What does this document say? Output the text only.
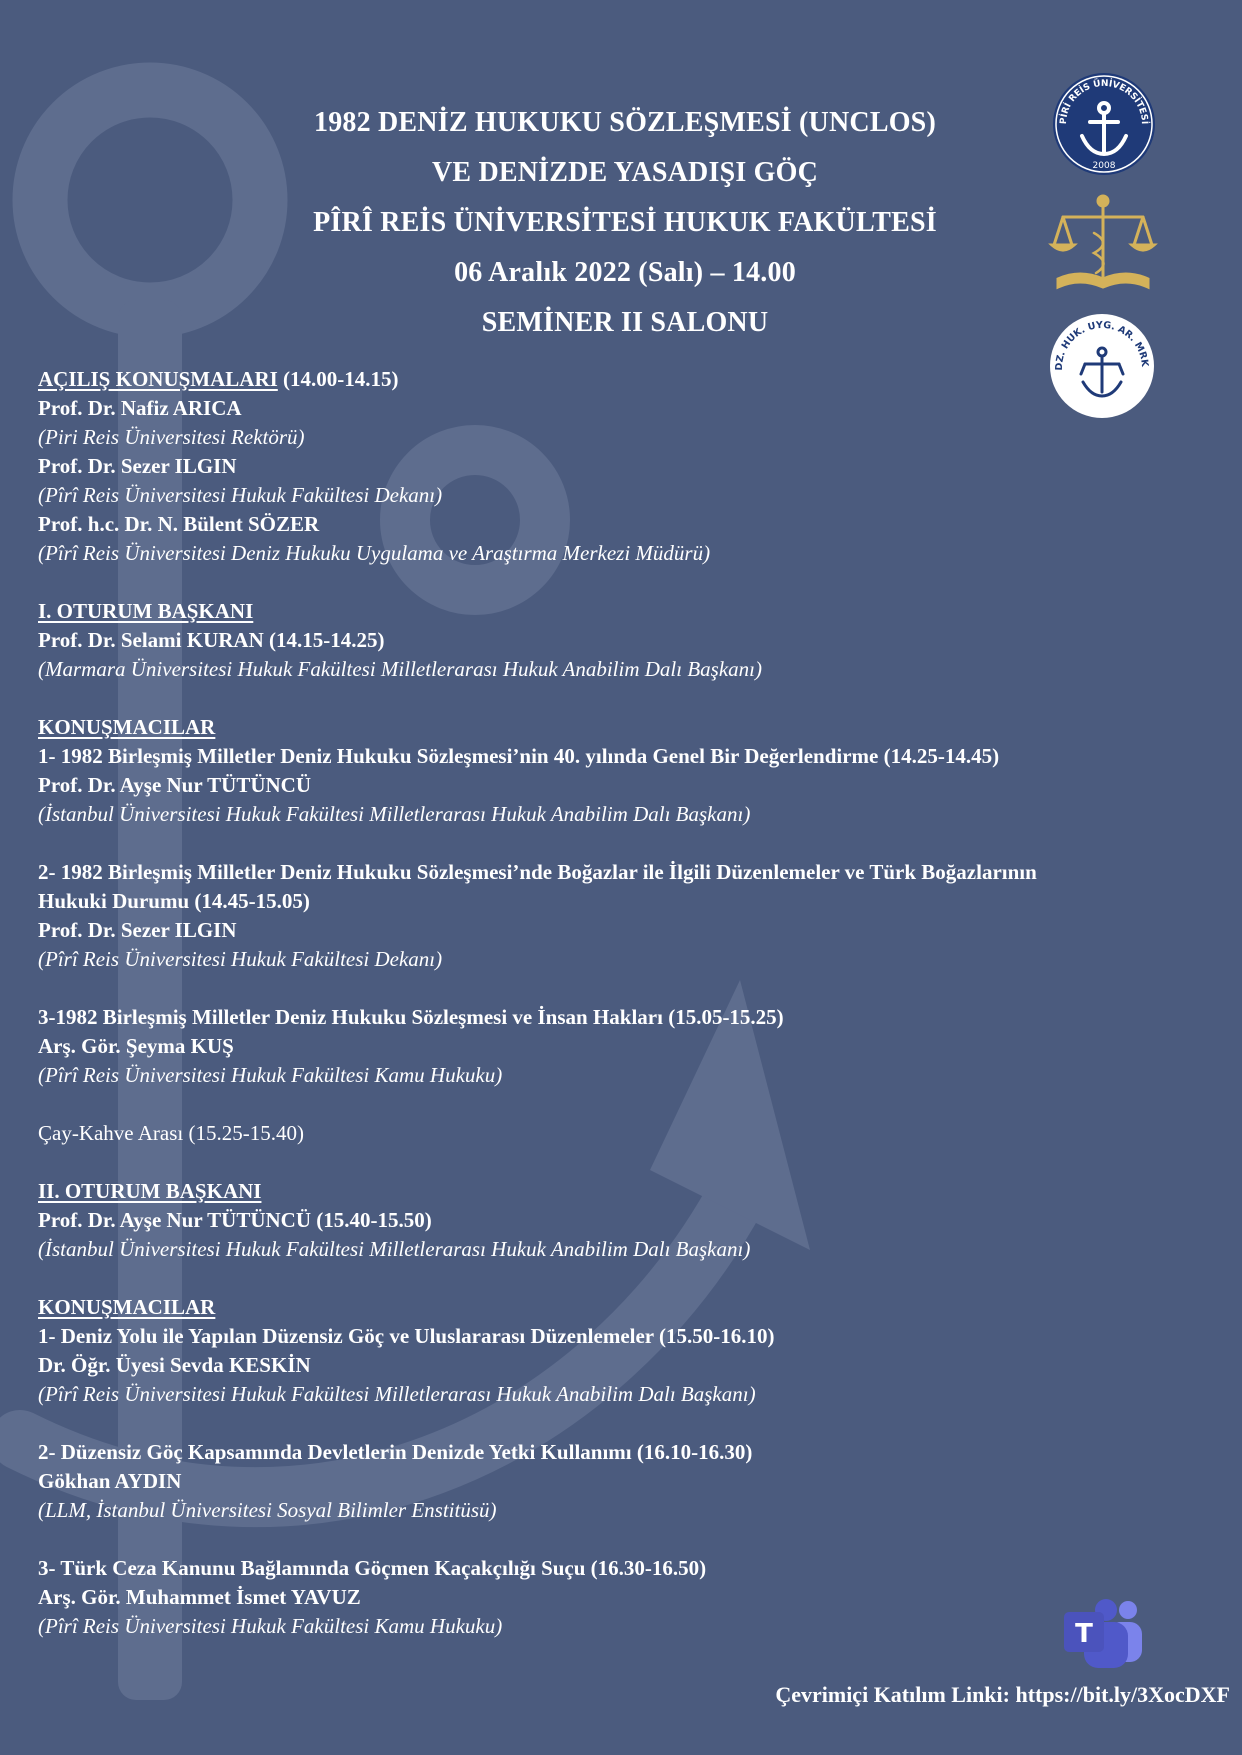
1982 DENİZ HUKUKU SÖZLEŞMESİ (UNCLOS)
VE DENİZDE YASADIŞI GÖÇ
PÎRÎ REİS ÜNİVERSİTESİ HUKUK FAKÜLTESİ
06 Aralık 2022 (Salı) – 14.00
SEMİNER II SALONU
PİRİ REİS ÜNİVERSİTESİ
2008
DZ. HUK. UYG. AR. MRK
AÇILIŞ KONUŞMALARI (14.00-14.15)
Prof. Dr. Nafiz ARICA
(Piri Reis Üniversitesi Rektörü)
Prof. Dr. Sezer ILGIN
(Pîrî Reis Üniversitesi Hukuk Fakültesi Dekanı)
Prof. h.c. Dr. N. Bülent SÖZER
(Pîrî Reis Üniversitesi Deniz Hukuku Uygulama ve Araştırma Merkezi Müdürü)
I. OTURUM BAŞKANI
Prof. Dr. Selami KURAN (14.15-14.25)
(Marmara Üniversitesi Hukuk Fakültesi Milletlerarası Hukuk Anabilim Dalı Başkanı)
KONUŞMACILAR
1- 1982 Birleşmiş Milletler Deniz Hukuku Sözleşmesi’nin 40. yılında Genel Bir Değerlendirme (14.25-14.45)
Prof. Dr. Ayşe Nur TÜTÜNCÜ
(İstanbul Üniversitesi Hukuk Fakültesi Milletlerarası Hukuk Anabilim Dalı Başkanı)
2- 1982 Birleşmiş Milletler Deniz Hukuku Sözleşmesi’nde Boğazlar ile İlgili Düzenlemeler ve Türk Boğazlarının
Hukuki Durumu (14.45-15.05)
Prof. Dr. Sezer ILGIN
(Pîrî Reis Üniversitesi Hukuk Fakültesi Dekanı)
3-1982 Birleşmiş Milletler Deniz Hukuku Sözleşmesi ve İnsan Hakları (15.05-15.25)
Arş. Gör. Şeyma KUŞ
(Pîrî Reis Üniversitesi Hukuk Fakültesi Kamu Hukuku)
Çay-Kahve Arası (15.25-15.40)
II. OTURUM BAŞKANI
Prof. Dr. Ayşe Nur TÜTÜNCÜ (15.40-15.50)
(İstanbul Üniversitesi Hukuk Fakültesi Milletlerarası Hukuk Anabilim Dalı Başkanı)
KONUŞMACILAR
1- Deniz Yolu ile Yapılan Düzensiz Göç ve Uluslararası Düzenlemeler (15.50-16.10)
Dr. Öğr. Üyesi Sevda KESKİN
(Pîrî Reis Üniversitesi Hukuk Fakültesi Milletlerarası Hukuk Anabilim Dalı Başkanı)
2- Düzensiz Göç Kapsamında Devletlerin Denizde Yetki Kullanımı (16.10-16.30)
Gökhan AYDIN
(LLM, İstanbul Üniversitesi Sosyal Bilimler Enstitüsü)
3- Türk Ceza Kanunu Bağlamında Göçmen Kaçakçılığı Suçu (16.30-16.50)
Arş. Gör. Muhammet İsmet YAVUZ
(Pîrî Reis Üniversitesi Hukuk Fakültesi Kamu Hukuku)	T
Çevrimiçi Katılım Linki: https://bit.ly/3XocDXF
